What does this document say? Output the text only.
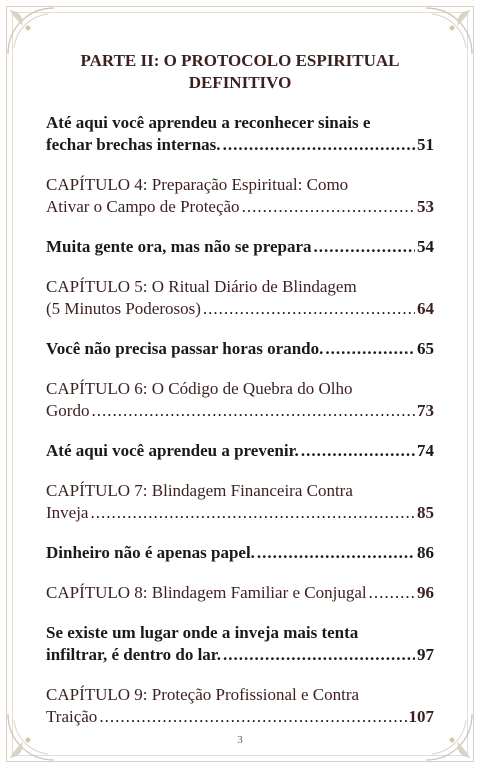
PARTE II: O PROTOCOLO ESPIRITUAL
DEFINITIVO
Até aqui você aprendeu a reconhecer sinais e
fechar brechas internas. .....	51
CAPÍTULO 4: Preparação Espiritual: Como
Ativar o Campo de Proteção .....	53
Muita gente ora, mas não se prepara .....	54
CAPÍTULO 5: O Ritual Diário de Blindagem
(5 Minutos Poderosos) .....	64
Você não precisa passar horas orando. .....	65
CAPÍTULO 6: O Código de Quebra do Olho
Gordo .....	73
Até aqui você aprendeu a prevenir. .....	74
CAPÍTULO 7: Blindagem Financeira Contra
Inveja .....	85
Dinheiro não é apenas papel. .....	86
CAPÍTULO 8: Blindagem Familiar e Conjugal .....	96
Se existe um lugar onde a inveja mais tenta
infiltrar, é dentro do lar. .....	97
CAPÍTULO 9: Proteção Profissional e Contra
Traição .....	107
3
